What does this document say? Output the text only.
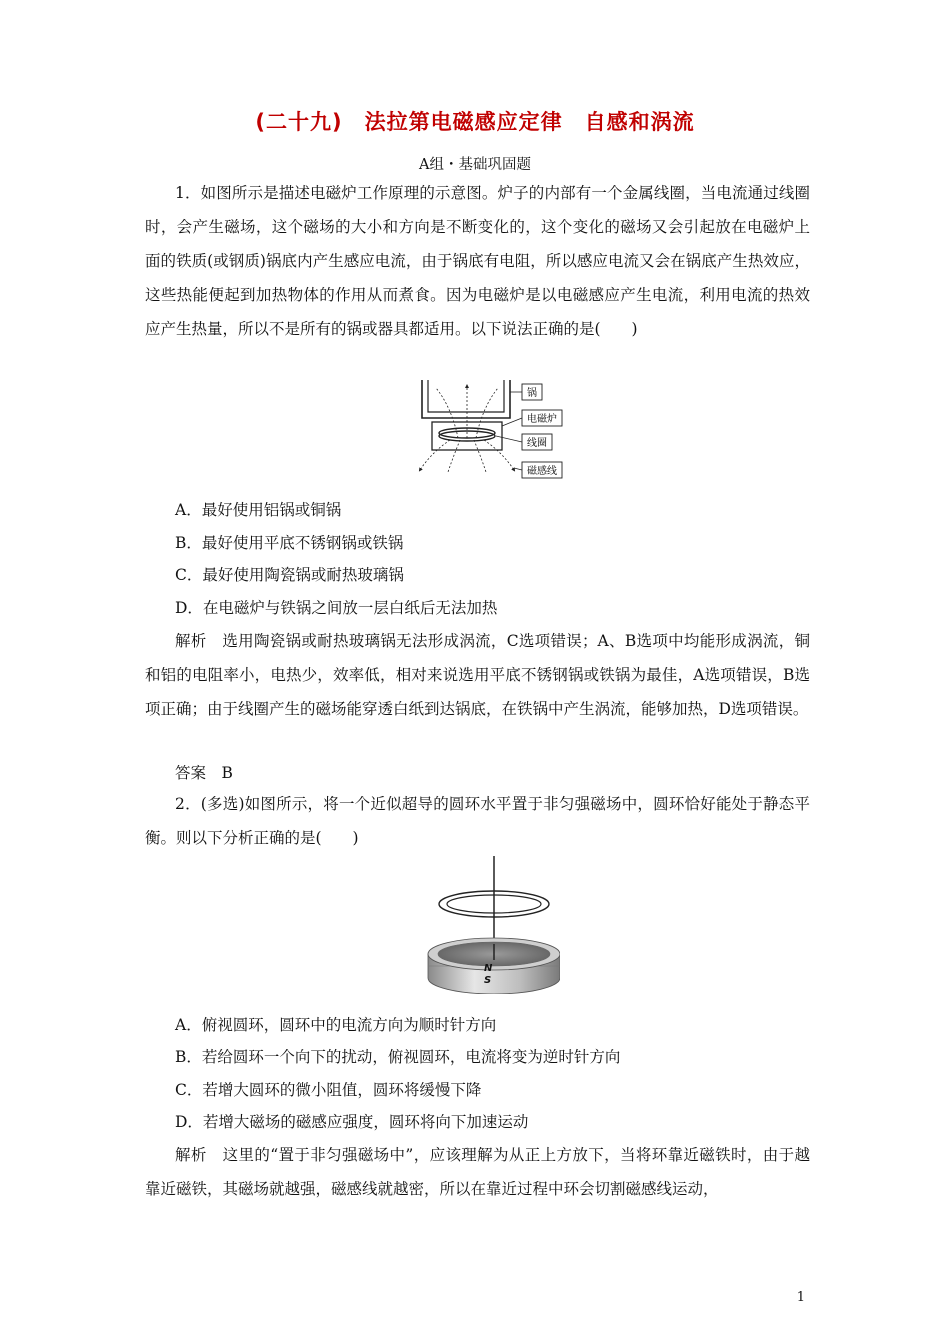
(二十九)　法拉第电磁感应定律　自感和涡流
A组・基础巩固题
1．如图所示是描述电磁炉工作原理的示意图。炉子的内部有一个金属线圈，当电流通过线圈时，会产生磁场，这个磁场的大小和方向是不断变化的，这个变化的磁场又会引起放在电磁炉上面的铁质(或钢质)锅底内产生感应电流，由于锅底有电阻，所以感应电流又会在锅底产生热效应，这些热能便起到加热物体的作用从而煮食。因为电磁炉是以电磁感应产生电流，利用电流的热效应产生热量，所以不是所有的锅或器具都适用。以下说法正确的是(　　)
锅
电磁炉
线圈
磁感线
A．最好使用铝锅或铜锅
B．最好使用平底不锈钢锅或铁锅
C．最好使用陶瓷锅或耐热玻璃锅
D．在电磁炉与铁锅之间放一层白纸后无法加热
解析　选用陶瓷锅或耐热玻璃锅无法形成涡流，C选项错误；A、B选项中均能形成涡流，铜和铝的电阻率小，电热少，效率低，相对来说选用平底不锈钢锅或铁锅为最佳，A选项错误，B选项正确；由于线圈产生的磁场能穿透白纸到达锅底，在铁锅中产生涡流，能够加热，D选项错误。
答案　B
2．(多选)如图所示，将一个近似超导的圆环水平置于非匀强磁场中，圆环恰好能处于静态平衡。则以下分析正确的是(　　)
N
S
A．俯视圆环，圆环中的电流方向为顺时针方向
B．若给圆环一个向下的扰动，俯视圆环，电流将变为逆时针方向
C．若增大圆环的微小阻值，圆环将缓慢下降
D．若增大磁场的磁感应强度，圆环将向下加速运动
解析　这里的“置于非匀强磁场中”，应该理解为从正上方放下，当将环靠近磁铁时，由于越靠近磁铁，其磁场就越强，磁感线就越密，所以在靠近过程中环会切割磁感线运动，
1
